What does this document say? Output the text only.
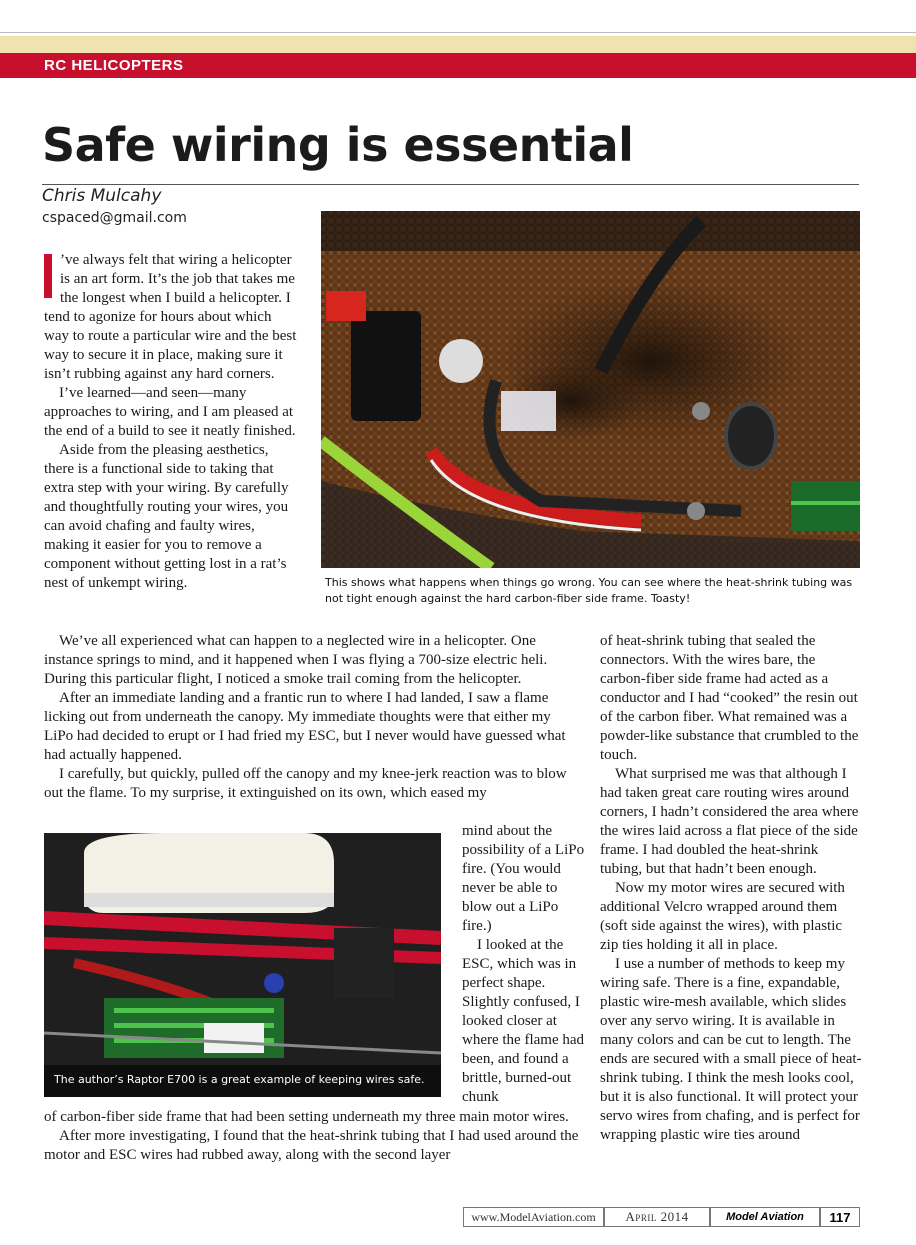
RC HELICOPTERS
Safe wiring is essential
Chris Mulcahy
cspaced@gmail.com
This shows what happens when things go wrong. You can see where the heat-shrink tubing was not tight enough against the hard carbon-fiber side frame. Toasty!

’ve always felt that wiring a helicopter is an art form. It’s the job that takes me the longest when I build a helicopter. I tend to agonize for hours about which way to route a particular wire and the best way to secure it in place, making sure it isn’t rubbing against any hard corners.

I’ve learned—and seen—many approaches to wiring, and I am pleased at the end of a build to see it neatly finished.

Aside from the pleasing aesthetics, there is a functional side to taking that extra step with your wiring. By carefully and thoughtfully routing your wires, you can avoid chafing and faulty wires, making it easier for you to remove a component without getting lost in a rat’s nest of unkempt wiring.

We’ve all experienced what can happen to a neglected wire in a helicopter. One instance springs to mind, and it happened when I was flying a 700-size electric heli. During this particular flight, I noticed a smoke trail coming from the helicopter.

After an immediate landing and a frantic run to where I had landed, I saw a flame licking out from underneath the canopy. My immediate thoughts were that either my LiPo had decided to erupt or I had fried my ESC, but I never would have guessed what had actually happened.

I carefully, but quickly, pulled off the canopy and my knee-jerk reaction was to blow out the flame. To my surprise, it extinguished on its own, which eased my

The author’s Raptor E700 is a great example of keeping wires safe.

mind about the possibility of a LiPo fire. (You would never be able to blow out a LiPo fire.)

I looked at the ESC, which was in perfect shape. Slightly confused, I looked closer at where the flame had been, and found a brittle, burned-out chunk

of carbon-fiber side frame that had been setting underneath my three main motor wires.

After more investigating, I found that the heat-shrink tubing that I had used around the motor and ESC wires had rubbed away, along with the second layer

of heat-shrink tubing that sealed the connectors. With the wires bare, the carbon-fiber side frame had acted as a conductor and I had “cooked” the resin out of the carbon fiber. What remained was a powder-like substance that crumbled to the touch.

What surprised me was that although I had taken great care routing wires around corners, I hadn’t considered the area where the wires laid across a flat piece of the side frame. I had doubled the heat-shrink tubing, but that hadn’t been enough.

Now my motor wires are secured with additional Velcro wrapped around them (soft side against the wires), with plastic zip ties holding it all in place.

I use a number of methods to keep my wiring safe. There is a fine, expandable, plastic wire-mesh available, which slides over any servo wiring. It is available in many colors and can be cut to length. The ends are secured with a small piece of heat-shrink tubing. I think the mesh looks cool, but it is also functional. It will protect your servo wires from chafing, and is perfect for wrapping plastic wire ties around

www.ModelAviation.com	April 2014	Model Aviation	117
